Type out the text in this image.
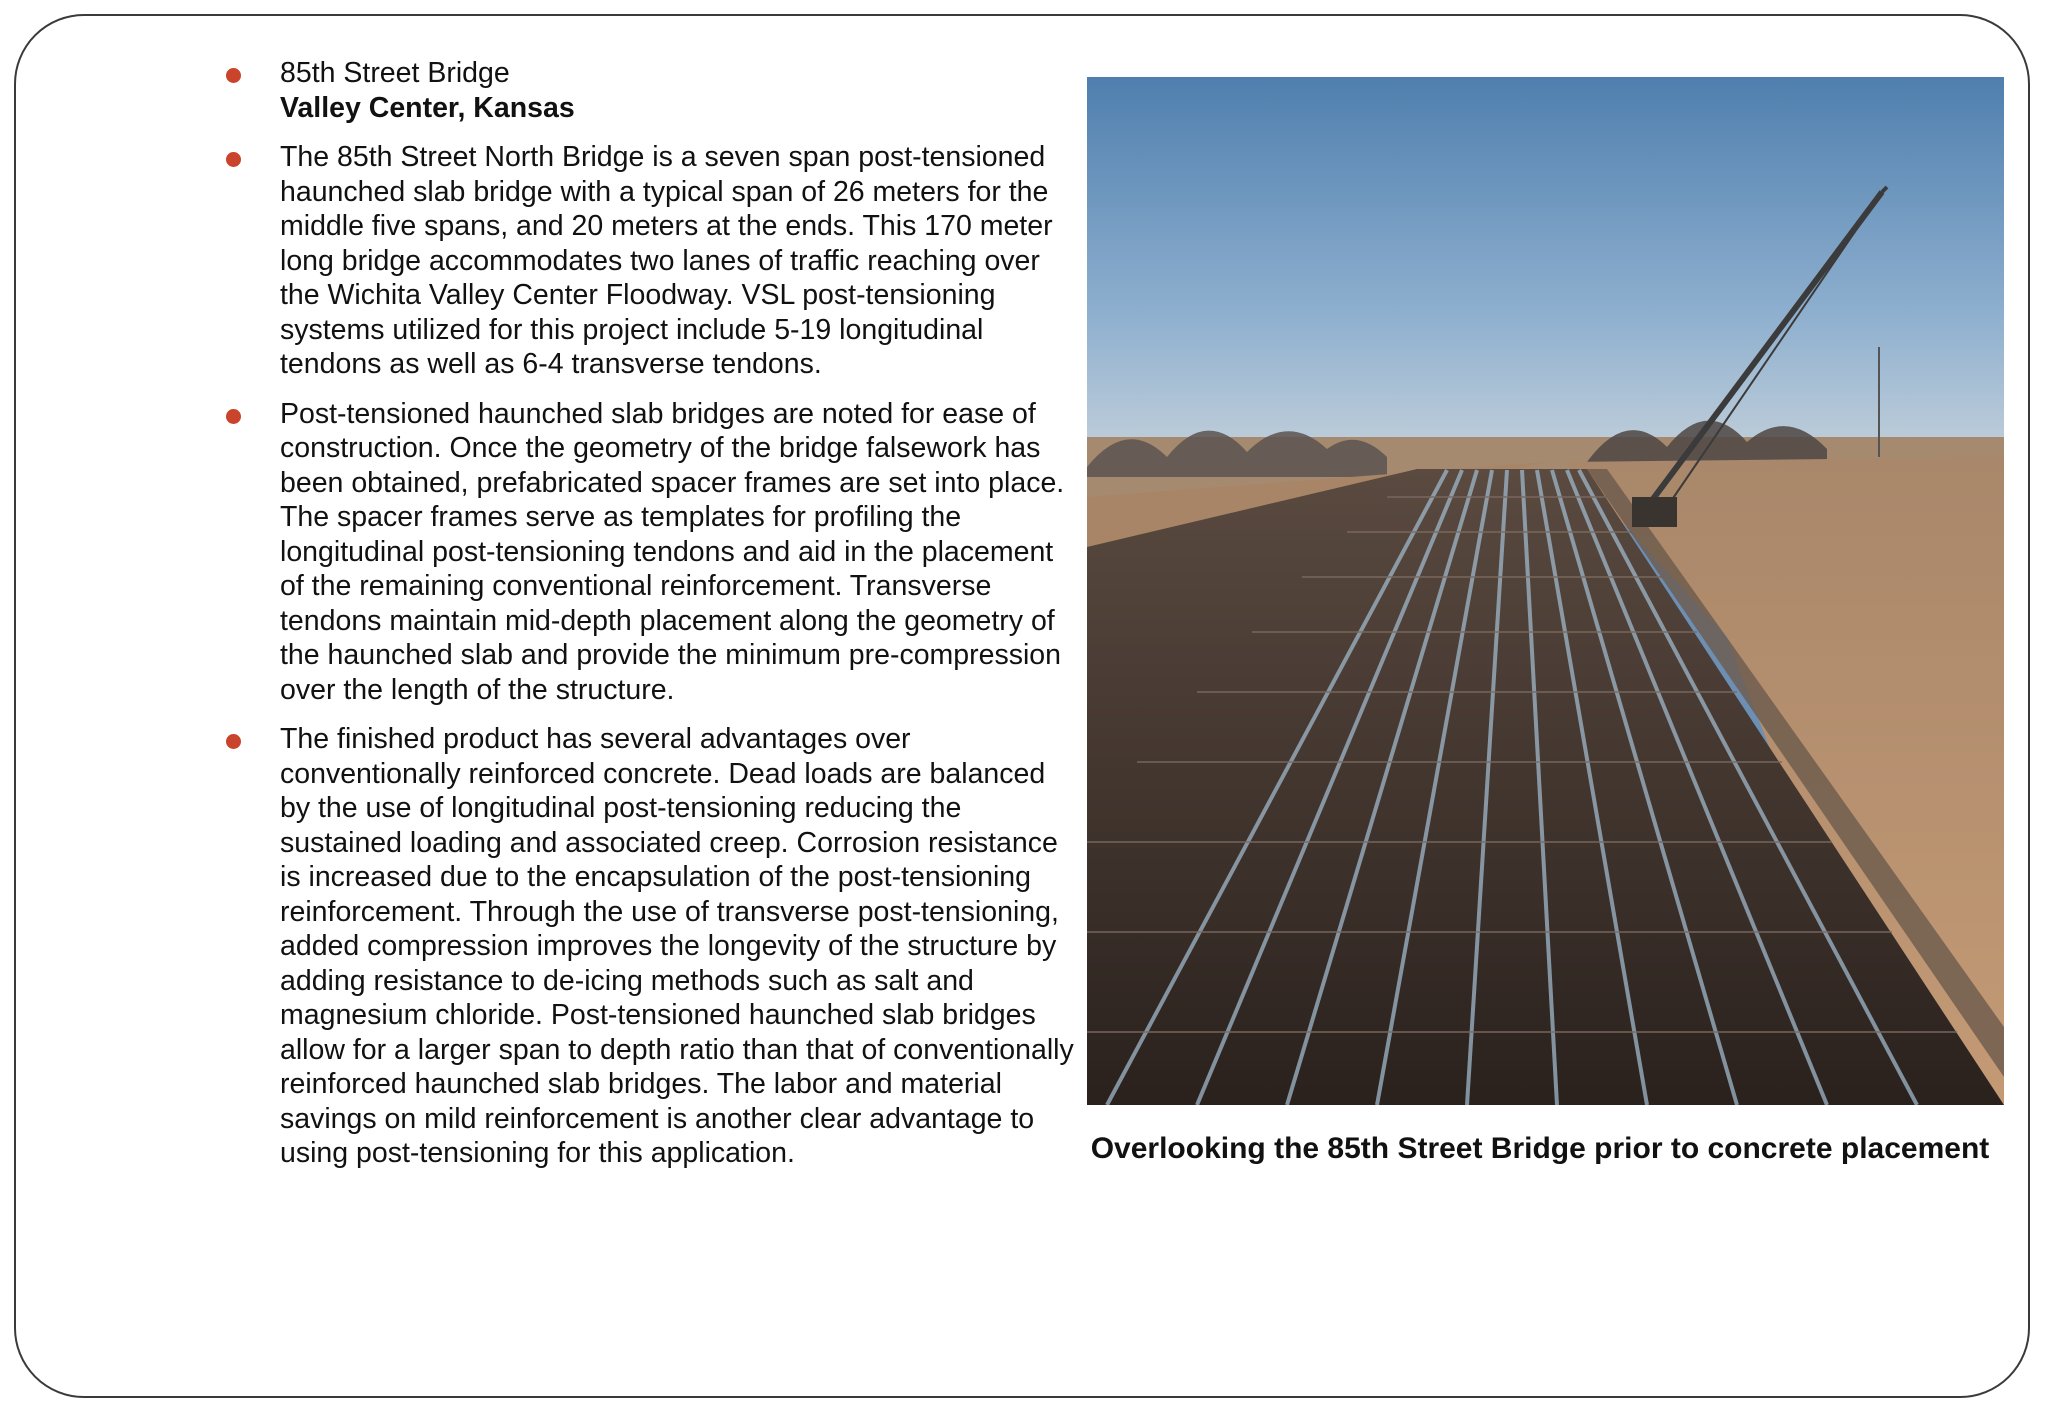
85th Street Bridge
Valley Center, Kansas
The 85th Street North Bridge is a seven span post-tensioned haunched slab bridge with a typical span of 26 meters for the middle five spans, and 20 meters at the ends. This 170 meter long bridge accommodates two lanes of traffic reaching over the Wichita Valley Center Floodway. VSL post-tensioning systems utilized for this project include 5-19 longitudinal tendons as well as 6-4 transverse tendons.
Post-tensioned haunched slab bridges are noted for ease of construction. Once the geometry of the bridge falsework has been obtained, prefabricated spacer frames are set into place. The spacer frames serve as templates for profiling the longitudinal post-tensioning tendons and aid in the placement of the remaining conventional reinforcement. Transverse tendons maintain mid-depth placement along the geometry of the haunched slab and provide the minimum pre-compression over the length of the structure.
The finished product has several advantages over conventionally reinforced concrete. Dead loads are balanced by the use of longitudinal post-tensioning reducing the sustained loading and associated creep. Corrosion resistance is increased due to the encapsulation of the post-tensioning reinforcement. Through the use of transverse post-tensioning, added compression improves the longevity of the structure by adding resistance to de-icing methods such as salt and magnesium chloride. Post-tensioned haunched slab bridges allow for a larger span to depth ratio than that of conventionally reinforced haunched slab bridges. The labor and material savings on mild reinforcement is another clear advantage to using post-tensioning for this application.	Overlooking the 85th Street Bridge prior to concrete placement
